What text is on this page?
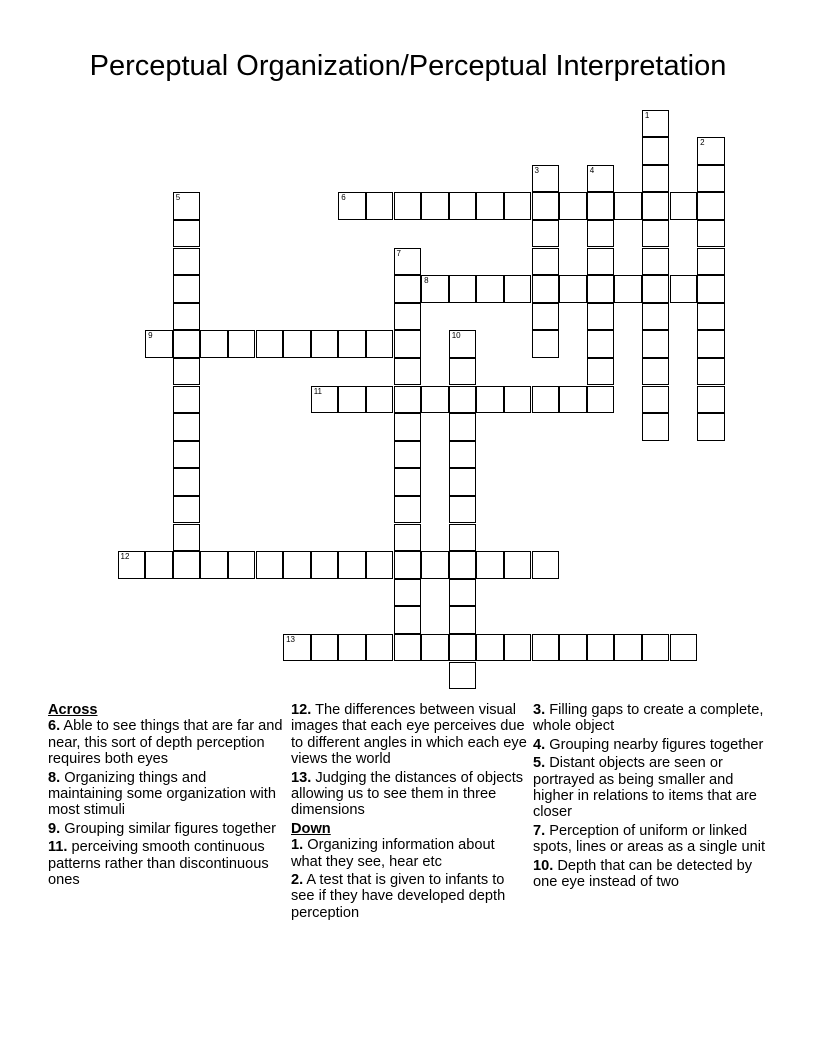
Perceptual Organization/Perceptual Interpretation
1
2
3	4
5	6
7
8
9	10
11
12
13
Across
6. Able to see things that are far and near, this sort of depth perception requires both eyes
8. Organizing things and maintaining some organization with most stimuli
9. Grouping similar figures together
11. perceiving smooth continuous patterns rather than discontinuous ones
12. The differences between visual images that each eye perceives due to different angles in which each eye views the world
13. Judging the distances of objects allowing us to see them in three dimensions
Down
1. Organizing information about what they see, hear etc
2. A test that is given to infants to see if they have developed depth perception
3. Filling gaps to create a complete, whole object
4. Grouping nearby figures together
5. Distant objects are seen or portrayed as being smaller and higher in relations to items that are closer
7. Perception of uniform or linked spots, lines or areas as a single unit
10. Depth that can be detected by one eye instead of two
